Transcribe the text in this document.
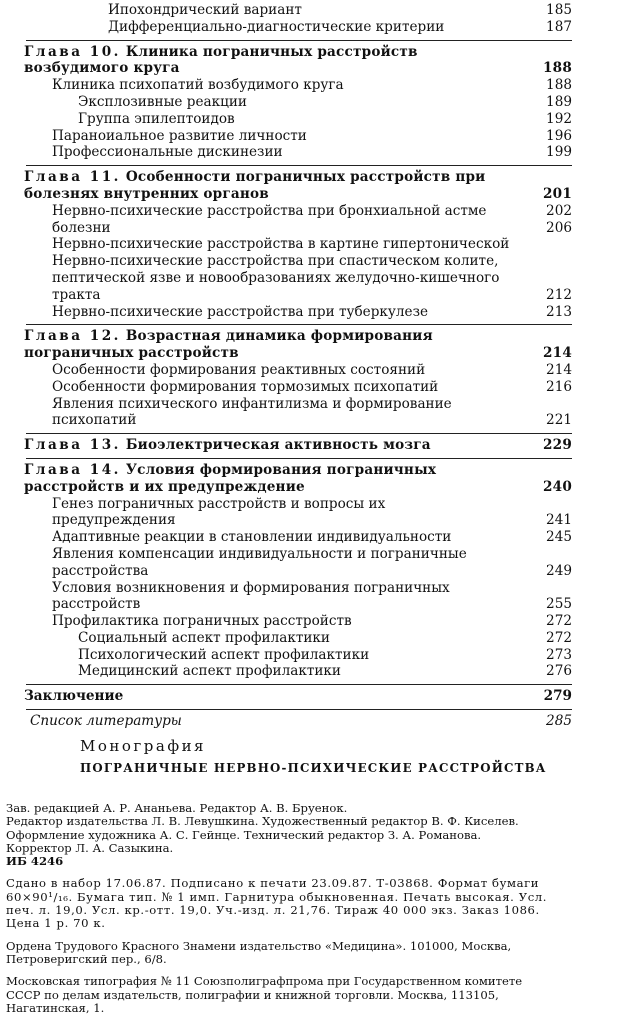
Ипохондрический вариант	185
Дифференциально-диагностические критерии	187
Глава 10. Клиника пограничных расстройств возбудимого круга	188
Клиника психопатий возбудимого круга	188
Эксплозивные реакции	189
Группа эпилептоидов	192
Параноиальное развитие личности	196
Профессиональные дискинезии	199
Глава 11. Особенности пограничных расстройств при болезнях внутренних органов	201
Нервно-психические расстройства при бронхиальной астме	202
болезни	206
Нервно-психические расстройства в картине гипертонической
Нервно-психические расстройства при спастическом колите, пептической язве и новообразованиях желудочно-кишечного тракта	212
Нервно-психические расстройства при туберкулезе	213
Глава 12. Возрастная динамика формирования пограничных расстройств	214
Особенности формирования реактивных состояний	214
Особенности формирования тормозимых психопатий	216
Явления психического инфантилизма и формирование психопатий	221
Глава 13. Биоэлектрическая активность мозга	229
Глава 14. Условия формирования пограничных расстройств и их предупреждение	240
Генез пограничных расстройств и вопросы их предупреждения	241
Адаптивные реакции в становлении индивидуальности	245
Явления компенсации индивидуальности и пограничные расстройства	249
Условия возникновения и формирования пограничных расстройств	255
Профилактика пограничных расстройств	272
Социальный аспект профилактики	272
Психологический аспект профилактики	273
Медицинский аспект профилактики	276
Заключение	279
Список литературы	285
Монография
ПОГРАНИЧНЫЕ НЕРВНО-ПСИХИЧЕСКИЕ РАССТРОЙСТВА

Зав. редакцией А. Р. Ананьева. Редактор А. В. Бруенок.

Редактор издательства Л. В. Левушкина. Художественный редактор В. Ф. Киселев.

Оформление художника А. С. Гейнце. Технический редактор З. А. Романова.

Корректор Л. А. Сазыкина.

ИБ 4246

Сдано в набор 17.06.87. Подписано к печати 23.09.87. Т-03868. Формат бумаги

60×90¹/₁₆. Бумага тип. № 1 имп. Гарнитура обыкновенная. Печать высокая. Усл.

печ. л. 19,0. Усл. кр.-отт. 19,0. Уч.-изд. л. 21,76. Тираж 40 000 экз. Заказ 1086.

Цена 1 р. 70 к.

Ордена Трудового Красного Знамени издательство «Медицина». 101000, Москва,

Петроверигский пер., 6/8.

Московская типография № 11 Союзполиграфпрома при Государственном комитете

СССР по делам издательств, полиграфии и книжной торговли. Москва, 113105,

Нагатинская, 1.
